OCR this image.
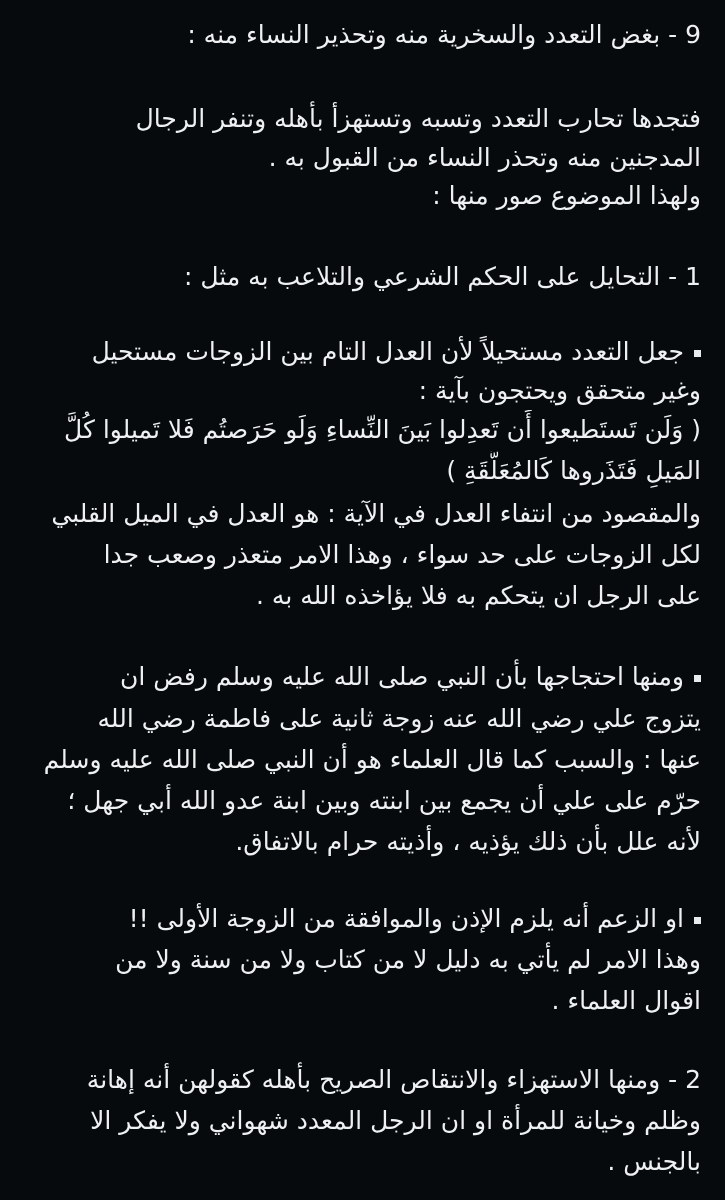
9 - بغض التعدد والسخرية منه وتحذير النساء منه :
فتجدها تحارب التعدد وتسبه وتستهزأ بأهله وتنفر الرجال
المدجنين منه وتحذر النساء من القبول به .
ولهذا الموضوع صور منها :
1 - التحايل على الحكم الشرعي والتلاعب به مثل :
جعل التعدد مستحيلاً لأن العدل التام بين الزوجات مستحيل
وغير متحقق ويحتجون بآية :
( وَلَن تَستَطيعوا أَن تَعدِلوا بَينَ النِّساءِ وَلَو حَرَصتُم فَلا تَميلوا كُلَّ
المَيلِ فَتَذَروها كَالمُعَلَّقَةِ )
والمقصود من انتفاء العدل في الآية : هو العدل في الميل القلبي
لكل الزوجات على حد سواء ، وهذا الامر متعذر وصعب جدا
على الرجل ان يتحكم به فلا يؤاخذه الله به .
ومنها احتجاجها بأن النبي صلى الله عليه وسلم رفض ان
يتزوج علي رضي الله عنه زوجة ثانية على فاطمة رضي الله
عنها : والسبب كما قال العلماء هو أن النبي صلى الله عليه وسلم
حرّم على علي أن يجمع بين ابنته وبين ابنة عدو الله أبي جهل ؛
لأنه علل بأن ذلك يؤذيه ، وأذيته حرام بالاتفاق.
او الزعم أنه يلزم الإذن والموافقة من الزوجة الأولى !!
وهذا الامر لم يأتي به دليل لا من كتاب ولا من سنة ولا من
اقوال العلماء .
2 - ومنها الاستهزاء والانتقاص الصريح بأهله كقولهن أنه إهانة
وظلم وخيانة للمرأة او ان الرجل المعدد شهواني ولا يفكر الا
بالجنس .
